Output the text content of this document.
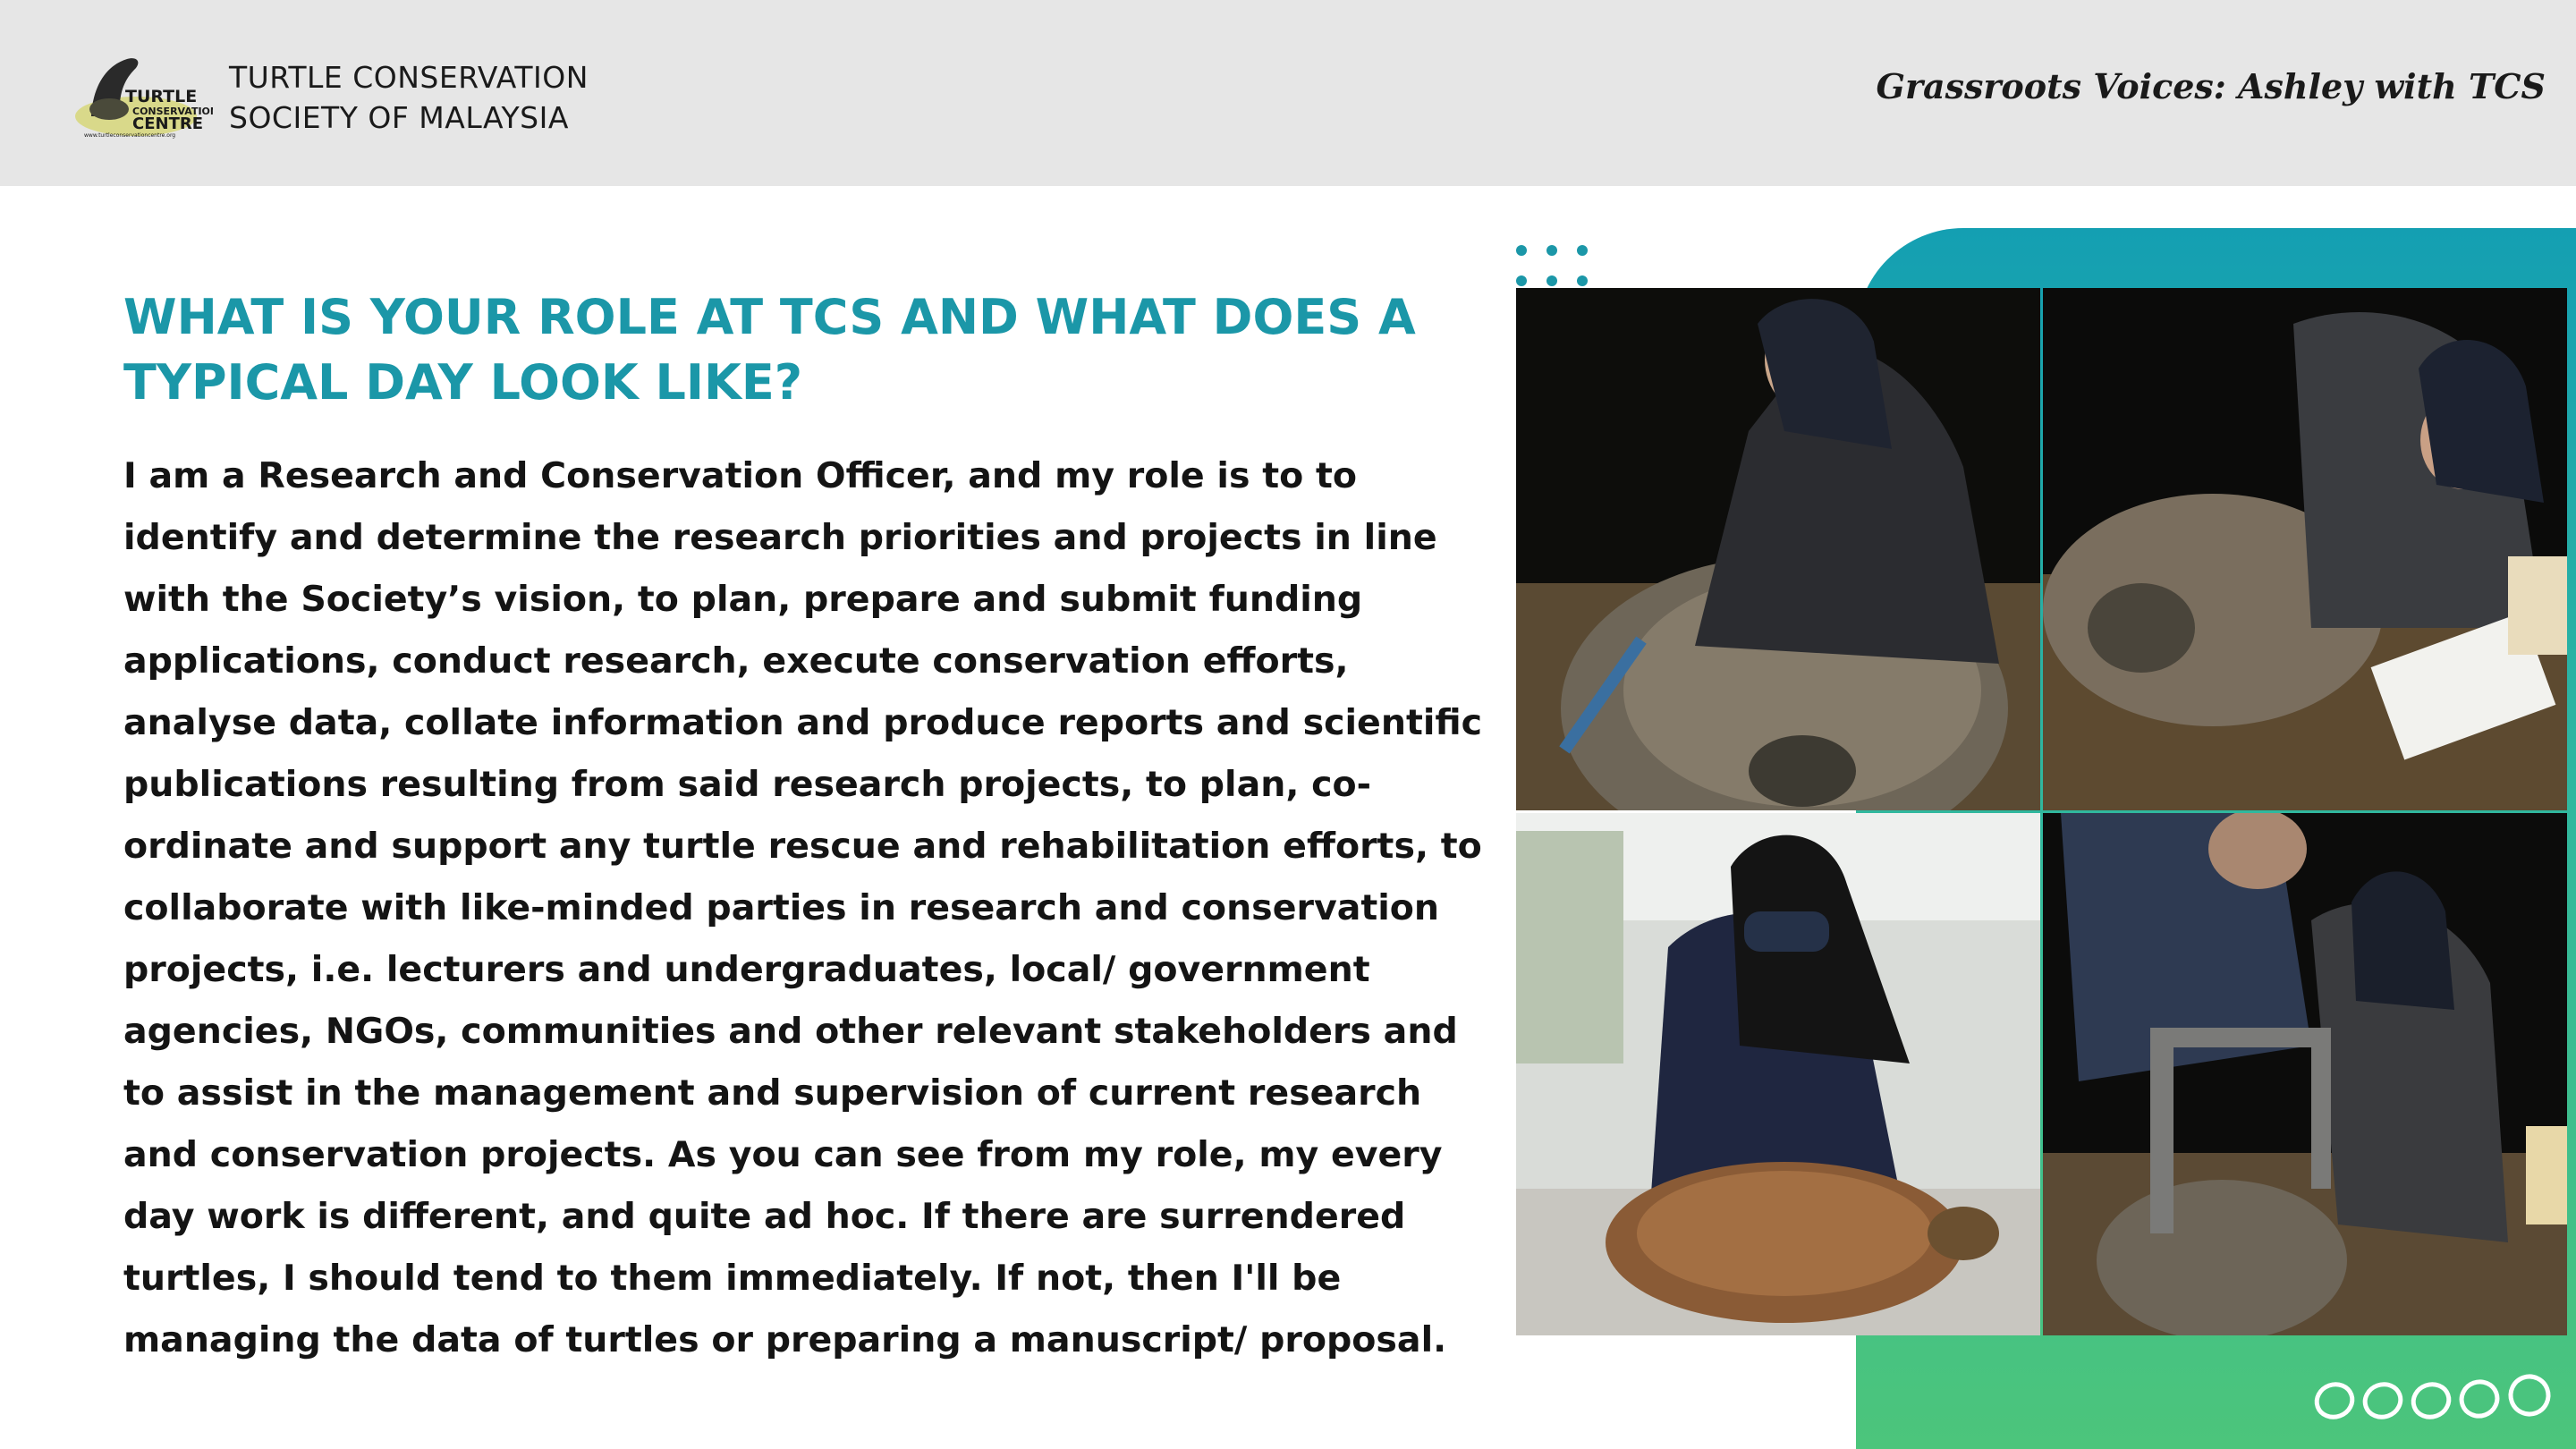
TURTLE
CONSERVATION
CENTRE
www.turtleconservationcentre.org
TURTLE CONSERVATION
SOCIETY OF MALAYSIA
Grassroots Voices: Ashley with TCS
WHAT IS YOUR ROLE AT TCS AND WHAT DOES A TYPICAL DAY LOOK LIKE?

I am a Research and Conservation Officer, and my role is to to identify and determine the research priorities and projects in line with the Society’s vision, to plan, prepare and submit funding applications, conduct research, execute conservation efforts, analyse data, collate information and produce reports and scientific publications resulting from said research projects, to plan, co-ordinate and support any turtle rescue and rehabilitation efforts, to collaborate with like-minded parties in research and conservation projects, i.e. lecturers and undergraduates, local/ government agencies, NGOs, communities and other relevant stakeholders and to assist in the management and supervision of current research and conservation projects. As you can see from my role, my every day work is different, and quite ad hoc. If there are surrendered turtles, I should tend to them immediately. If not, then I'll be managing the data of turtles or preparing a manuscript/ proposal.
